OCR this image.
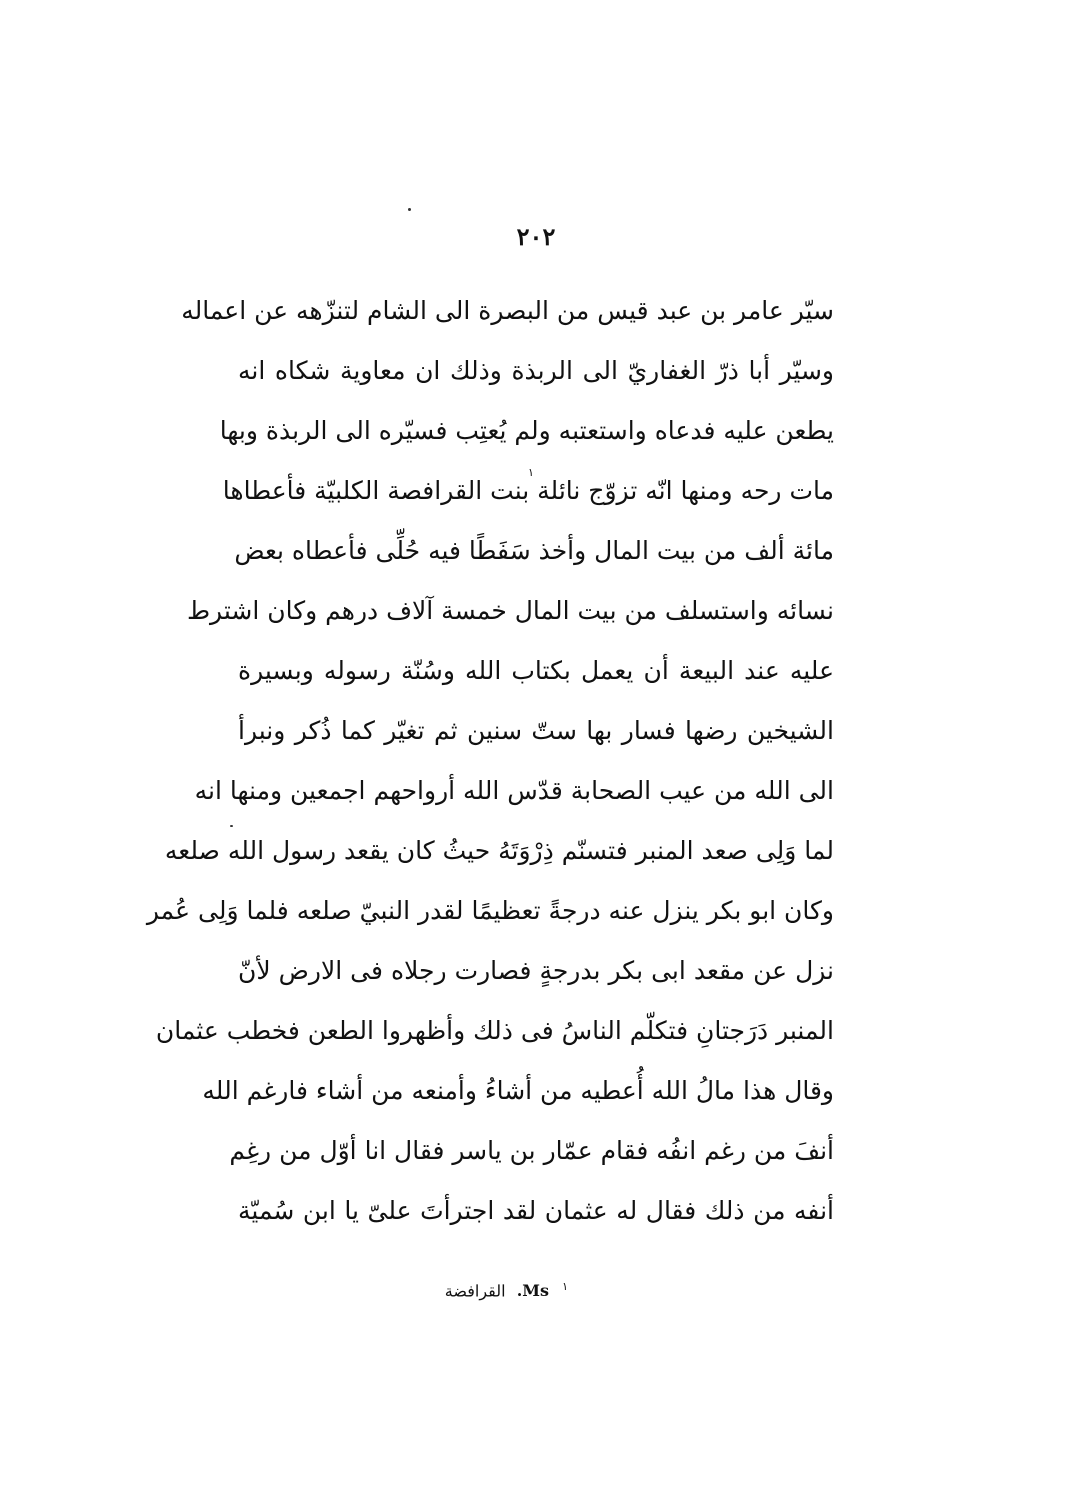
٢٠٢
سيّر عامر بن عبد قيس من البصرة الى الشام لتنزّهه عن اعماله
وسيّر أبا ذرّ الغفاريّ الى الربذة وذلك ان معاوية شكاه انه
يطعن عليه فدعاه واستعتبه ولم يُعتِب فسيّره الى الربذة وبها
مات رحه ومنها انّه تزوّج نائلة بنت القرافصة الكلبيّة فأعطاها
مائة ألف من بيت المال وأخذ سَفَطًا فيه حُلِّى فأعطاه بعض
نسائه واستسلف من بيت المال خمسة آلاف درهم وكان اشترط
عليه عند البيعة أن يعمل بكتاب الله وسُنّة رسوله وبسيرة
الشيخين رضها فسار بها ستّ سنين ثم تغيّر كما ذُكر ونبرأ
الى الله من عيب الصحابة قدّس الله أرواحهم اجمعين ومنها انه
لما وَلِى صعد المنبر فتسنّم ذِرْوَتَهُ حيثُ كان يقعد رسول الله صلعه
وكان ابو بكر ينزل عنه درجةً تعظيمًا لقدر النبيّ صلعه فلما وَلِى عُمر
نزل عن مقعد ابى بكر بدرجةٍ فصارت رجلاه فى الارض لأنّ
المنبر دَرَجتانِ فتكلّم الناسُ فى ذلك وأظهروا الطعن فخطب عثمان
وقال هذا مالُ الله أُعطيه من أشاءُ وأمنعه من أشاء فارغم الله
أنفَ من رغم انفُه فقام عمّار بن ياسر فقال انا أوّل من رغِم
أنفه من ذلك فقال له عثمان لقد اجترأتَ علىّ يا ابن سُميّة
١
$^١$ Ms. القرافضة
